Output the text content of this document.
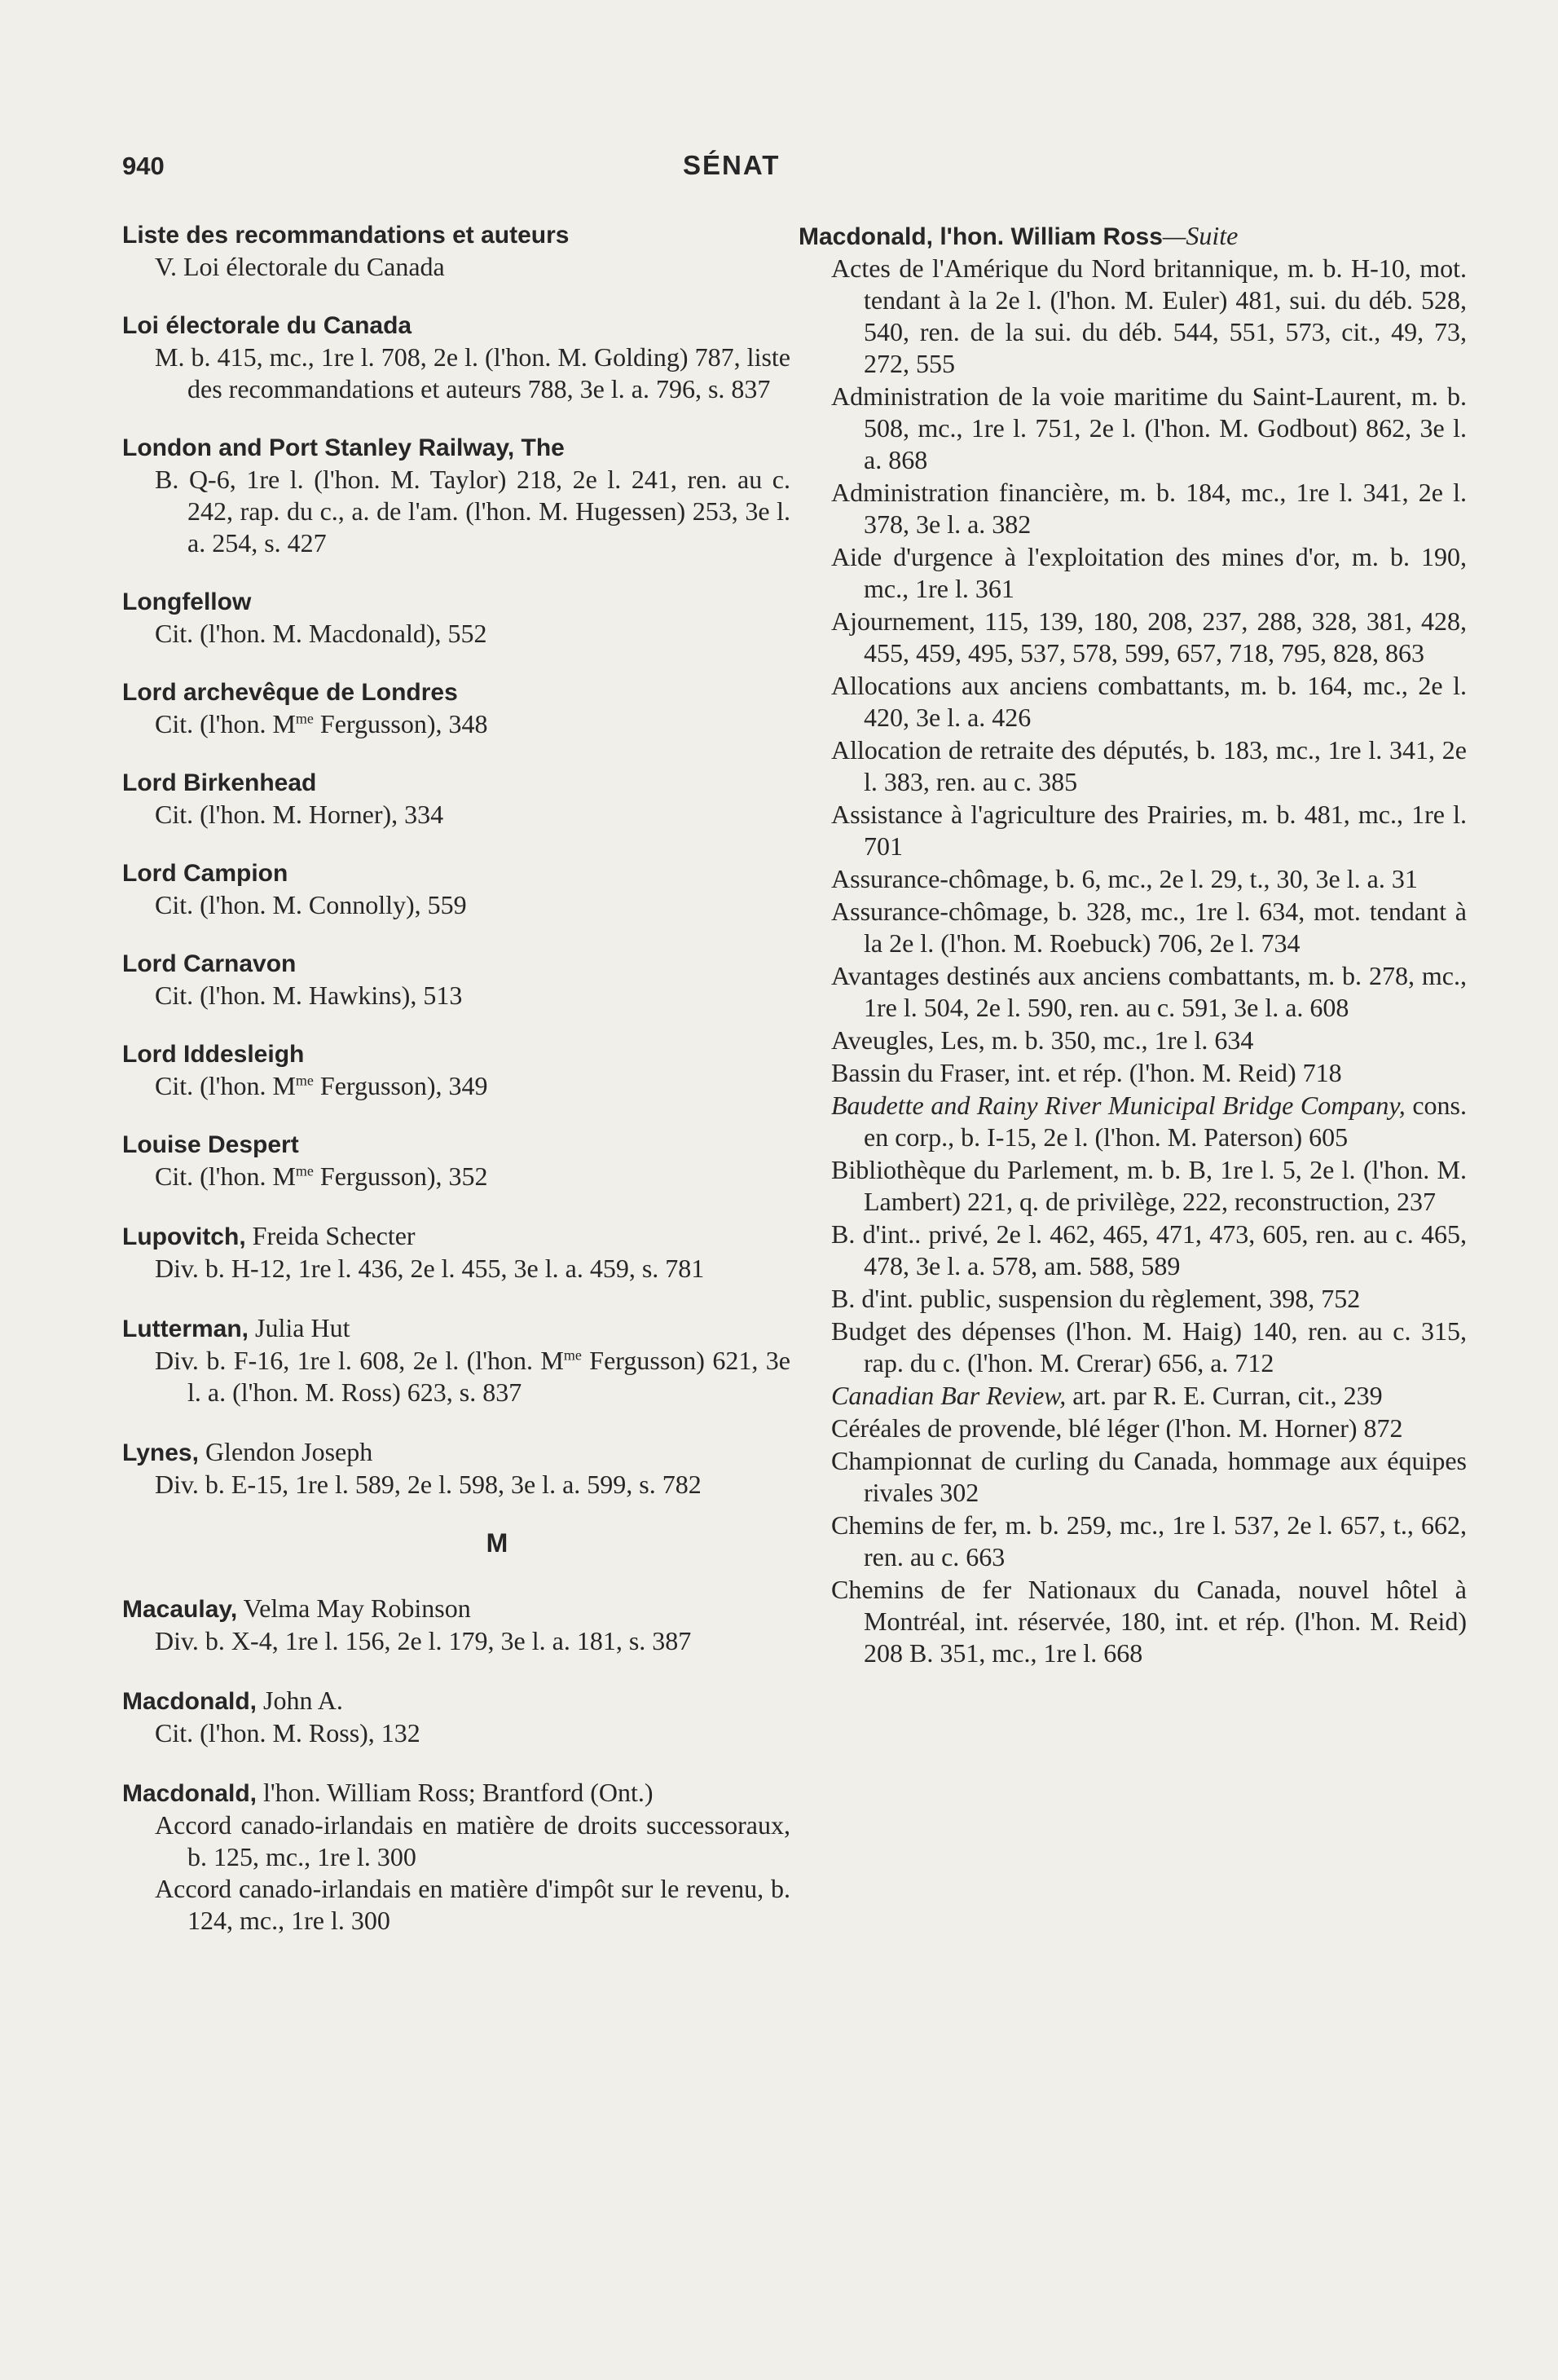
940	SÉNAT

Liste des recommandations et auteurs

V. Loi électorale du Canada

Loi électorale du Canada

M. b. 415, mc., 1re l. 708, 2e l. (l'hon. M. Golding) 787, liste des recommandations et auteurs 788, 3e l. a. 796, s. 837

London and Port Stanley Railway, The

B. Q-6, 1re l. (l'hon. M. Taylor) 218, 2e l. 241, ren. au c. 242, rap. du c., a. de l'am. (l'hon. M. Hugessen) 253, 3e l. a. 254, s. 427

Longfellow

Cit. (l'hon. M. Macdonald), 552

Lord archevêque de Londres

Cit. (l'hon. $M^{me}$ Fergusson), 348

Lord Birkenhead

Cit. (l'hon. M. Horner), 334

Lord Campion

Cit. (l'hon. M. Connolly), 559

Lord Carnavon

Cit. (l'hon. M. Hawkins), 513

Lord Iddesleigh

Cit. (l'hon. $M^{me}$ Fergusson), 349

Louise Despert

Cit. (l'hon. $M^{me}$ Fergusson), 352

Lupovitch, Freida Schecter

Div. b. H-12, 1re l. 436, 2e l. 455, 3e l. a. 459, s. 781

Lutterman, Julia Hut

Div. b. F-16, 1re l. 608, 2e l. (l'hon. $M^{me}$ Fergusson) 621, 3e l. a. (l'hon. M. Ross) 623, s. 837

Lynes, Glendon Joseph

Div. b. E-15, 1re l. 589, 2e l. 598, 3e l. a. 599, s. 782

M

Macaulay, Velma May Robinson

Div. b. X-4, 1re l. 156, 2e l. 179, 3e l. a. 181, s. 387

Macdonald, John A.

Cit. (l'hon. M. Ross), 132

Macdonald, l'hon. William Ross; Brantford (Ont.)

Accord canado-irlandais en matière de droits successoraux, b. 125, mc., 1re l. 300

Accord canado-irlandais en matière d'impôt sur le revenu, b. 124, mc., 1re l. 300

Macdonald, l'hon. William Ross—Suite

Actes de l'Amérique du Nord britannique, m. b. H-10, mot. tendant à la 2e l. (l'hon. M. Euler) 481, sui. du déb. 528, 540, ren. de la sui. du déb. 544, 551, 573, cit., 49, 73, 272, 555

Administration de la voie maritime du Saint-Laurent, m. b. 508, mc., 1re l. 751, 2e l. (l'hon. M. Godbout) 862, 3e l. a. 868

Administration financière, m. b. 184, mc., 1re l. 341, 2e l. 378, 3e l. a. 382

Aide d'urgence à l'exploitation des mines d'or, m. b. 190, mc., 1re l. 361

Ajournement, 115, 139, 180, 208, 237, 288, 328, 381, 428, 455, 459, 495, 537, 578, 599, 657, 718, 795, 828, 863

Allocations aux anciens combattants, m. b. 164, mc., 2e l. 420, 3e l. a. 426

Allocation de retraite des députés, b. 183, mc., 1re l. 341, 2e l. 383, ren. au c. 385

Assistance à l'agriculture des Prairies, m. b. 481, mc., 1re l. 701

Assurance-chômage, b. 6, mc., 2e l. 29, t., 30, 3e l. a. 31

Assurance-chômage, b. 328, mc., 1re l. 634, mot. tendant à la 2e l. (l'hon. M. Roebuck) 706, 2e l. 734

Avantages destinés aux anciens combattants, m. b. 278, mc., 1re l. 504, 2e l. 590, ren. au c. 591, 3e l. a. 608

Aveugles, Les, m. b. 350, mc., 1re l. 634

Bassin du Fraser, int. et rép. (l'hon. M. Reid) 718

Baudette and Rainy River Municipal Bridge Company, cons. en corp., b. I-15, 2e l. (l'hon. M. Paterson) 605

Bibliothèque du Parlement, m. b. B, 1re l. 5, 2e l. (l'hon. M. Lambert) 221, q. de privilège, 222, reconstruction, 237

B. d'int.. privé, 2e l. 462, 465, 471, 473, 605, ren. au c. 465, 478, 3e l. a. 578, am. 588, 589

B. d'int. public, suspension du règlement, 398, 752

Budget des dépenses (l'hon. M. Haig) 140, ren. au c. 315, rap. du c. (l'hon. M. Crerar) 656, a. 712

Canadian Bar Review, art. par R. E. Curran, cit., 239

Céréales de provende, blé léger (l'hon. M. Horner) 872

Championnat de curling du Canada, hommage aux équipes rivales 302

Chemins de fer, m. b. 259, mc., 1re l. 537, 2e l. 657, t., 662, ren. au c. 663

Chemins de fer Nationaux du Canada, nouvel hôtel à Montréal, int. réservée, 180, int. et rép. (l'hon. M. Reid) 208 B. 351, mc., 1re l. 668
